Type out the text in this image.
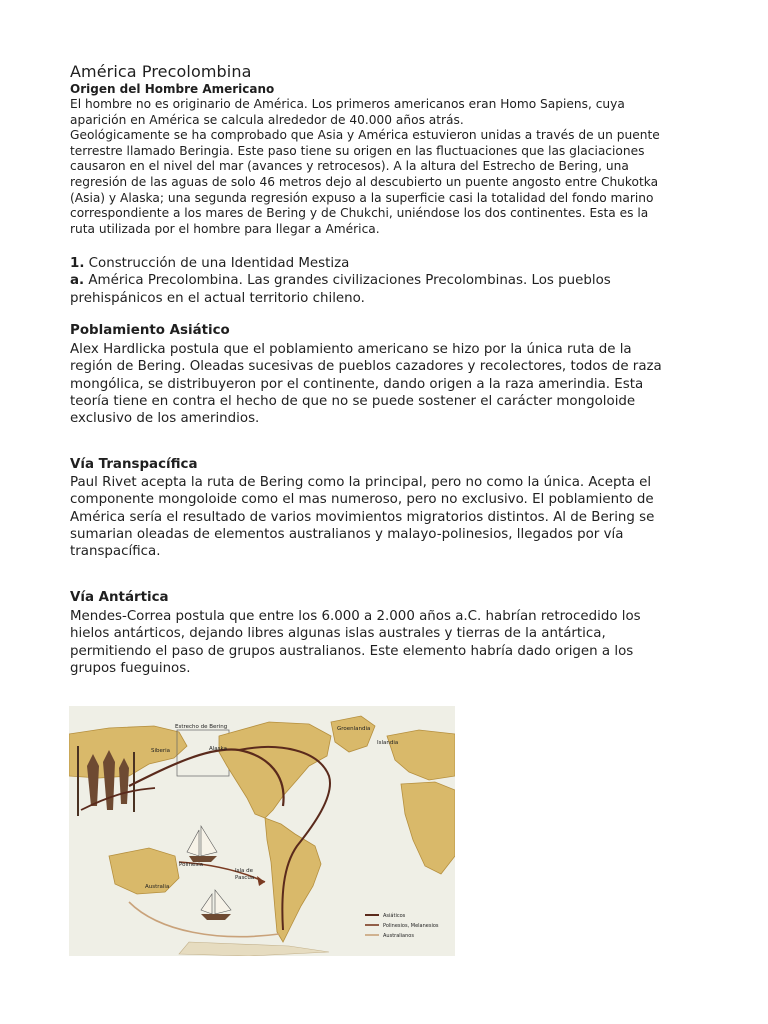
América Precolombina
Origen del Hombre Americano
El hombre no es originario de América. Los primeros americanos eran Homo Sapiens, cuya
aparición en América se calcula alrededor de 40.000 años atrás.
Geológicamente se ha comprobado que Asia y América estuvieron unidas a través de un puente
terrestre llamado Beringia. Este paso tiene su origen en las fluctuaciones que las glaciaciones
causaron en el nivel del mar (avances y retrocesos). A la altura del Estrecho de Bering, una
regresión de las aguas de solo 46 metros dejo al descubierto un puente angosto entre Chukotka
(Asia) y Alaska; una segunda regresión expuso a la superficie casi la totalidad del fondo marino
correspondiente a los mares de Bering y de Chukchi, uniéndose los dos continentes. Esta es la
ruta utilizada por el hombre para llegar a América.
1. Construcción de una Identidad Mestiza
a. América Precolombina. Las grandes civilizaciones Precolombinas. Los pueblos
prehispánicos en el actual territorio chileno.
Poblamiento Asiático
Alex Hardlicka postula que el poblamiento americano se hizo por la única ruta de la
región de Bering. Oleadas sucesivas de pueblos cazadores y recolectores, todos de raza
mongólica, se distribuyeron por el continente, dando origen a la raza amerindia. Esta
teoría tiene en contra el hecho de que no se puede sostener el carácter mongoloide
exclusivo de los amerindios.
Vía Transpacífica
Paul Rivet acepta la ruta de Bering como la principal, pero no como la única. Acepta el
componente mongoloide como el mas numeroso, pero no exclusivo. El poblamiento de
América sería el resultado de varios movimientos migratorios distintos. Al de Bering se
sumarian oleadas de elementos australianos y malayo-polinesios, llegados por vía
transpacífica.
Vía Antártica
Mendes-Correa postula que entre los 6.000 a 2.000 años a.C. habrían retrocedido los
hielos antárticos, dejando libres algunas islas australes y tierras de la antártica,
permitiendo el paso de grupos australianos. Este elemento habría dado origen a los
grupos fueguinos.
Estrecho de Bering	Groenlandia
Siberia	Alaska
Islandia
Polinesia
Isla de
Pascua
Australia
Asiáticos
Polinesios, Melanesios
Australianos
